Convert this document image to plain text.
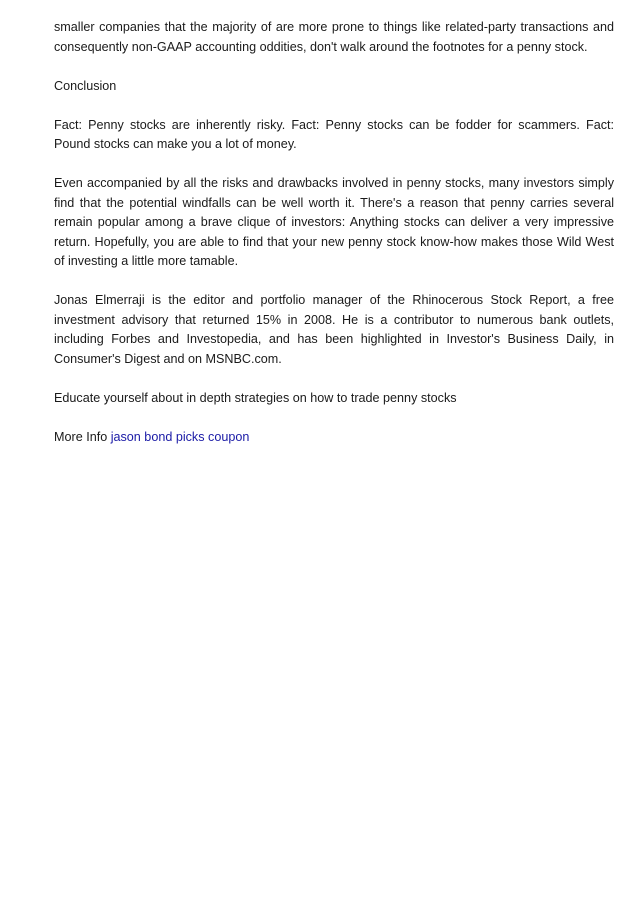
smaller companies that the majority of are more prone to things like related-party transactions and consequently non-GAAP accounting oddities, don't walk around the footnotes for a penny stock.

Conclusion

Fact: Penny stocks are inherently risky. Fact: Penny stocks can be fodder for scammers. Fact: Pound stocks can make you a lot of money.

Even accompanied by all the risks and drawbacks involved in penny stocks, many investors simply find that the potential windfalls can be well worth it. There's a reason that penny carries several remain popular among a brave clique of investors: Anything stocks can deliver a very impressive return. Hopefully, you are able to find that your new penny stock know-how makes those Wild West of investing a little more tamable.

Jonas Elmerraji is the editor and portfolio manager of the Rhinocerous Stock Report, a free investment advisory that returned 15% in 2008. He is a contributor to numerous bank outlets, including Forbes and Investopedia, and has been highlighted in Investor's Business Daily, in Consumer's Digest and on MSNBC.com.

Educate yourself about in depth strategies on how to trade penny stocks

More Info jason bond picks coupon
